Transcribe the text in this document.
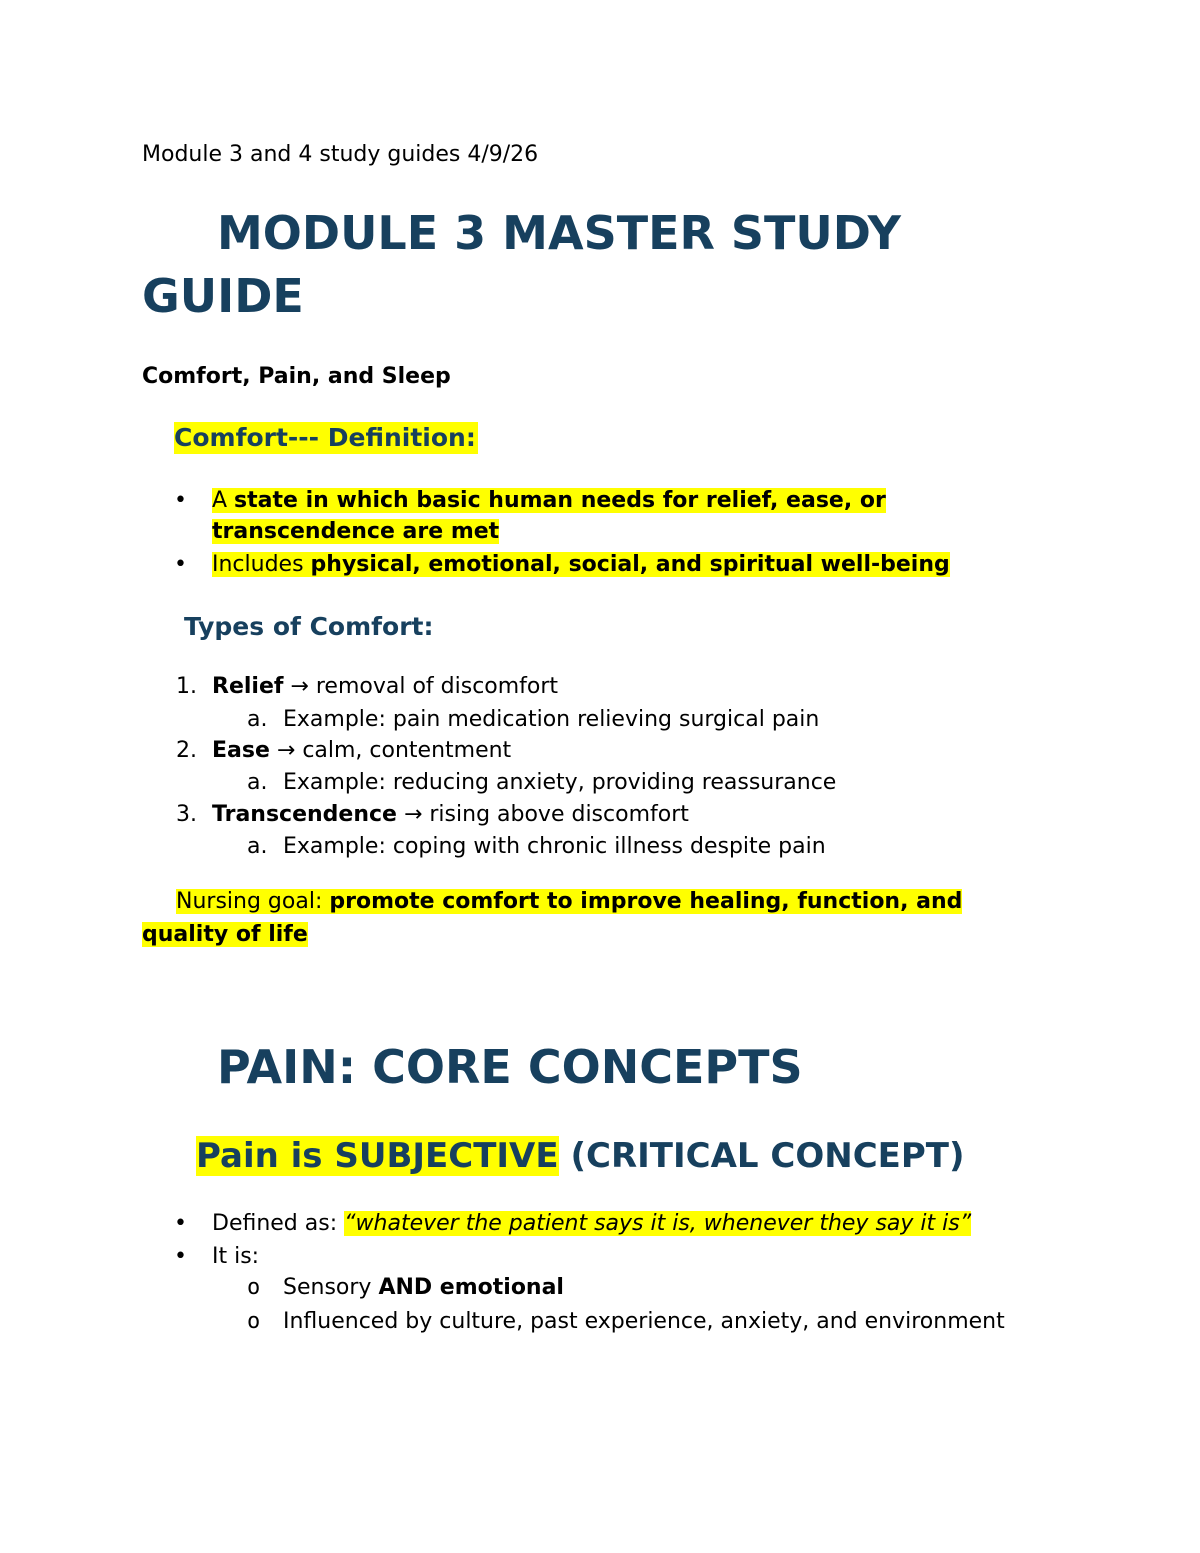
Module 3 and 4 study guides 4/9/26
MODULE 3 MASTER STUDY
GUIDE
Comfort, Pain, and Sleep
Comfort--- Definition:
• A state in which basic human needs for relief, ease, or
transcendence are met
• Includes physical, emotional, social, and spiritual well-being
Types of Comfort:
1. Relief → removal of discomfort
a. Example: pain medication relieving surgical pain
2. Ease → calm, contentment
a. Example: reducing anxiety, providing reassurance
3. Transcendence → rising above discomfort
a. Example: coping with chronic illness despite pain
Nursing goal: promote comfort to improve healing, function, and
quality of life
PAIN: CORE CONCEPTS
Pain is SUBJECTIVE (CRITICAL CONCEPT)
• Defined as: “whatever the patient says it is, whenever they say it is”
• It is:
o Sensory AND emotional
o Influenced by culture, past experience, anxiety, and environment
